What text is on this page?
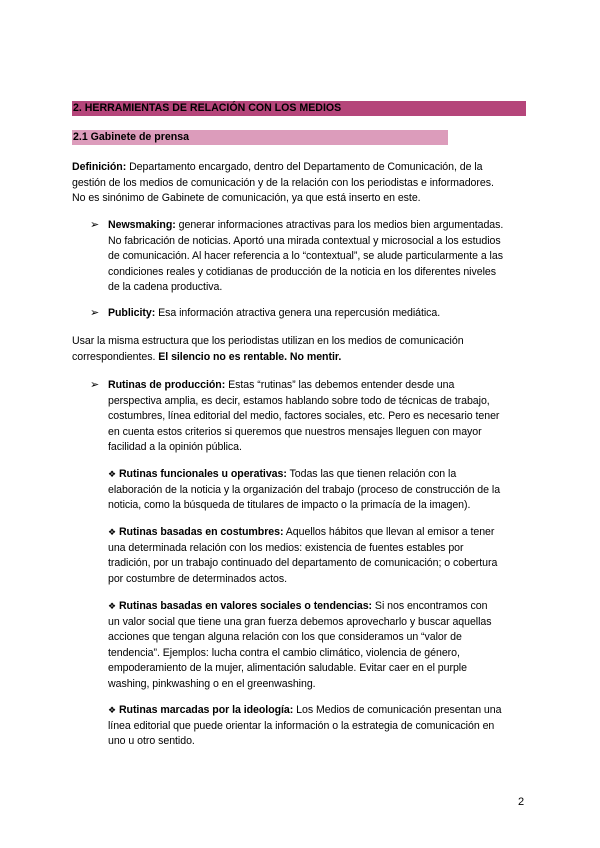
2. HERRAMIENTAS DE RELACIÓN CON LOS MEDIOS
2.1 Gabinete de prensa
Definición: Departamento encargado, dentro del Departamento de Comunicación, de la
gestión de los medios de comunicación y de la relación con los periodistas e informadores.
No es sinónimo de Gabinete de comunicación, ya que está inserto en este.
➢ Newsmaking: generar informaciones atractivas para los medios bien argumentadas.
No fabricación de noticias. Aportó una mirada contextual y microsocial a los estudios
de comunicación. Al hacer referencia a lo “contextual”, se alude particularmente a las
condiciones reales y cotidianas de producción de la noticia en los diferentes niveles
de la cadena productiva.
➢ Publicity: Esa información atractiva genera una repercusión mediática.
Usar la misma estructura que los periodistas utilizan en los medios de comunicación
correspondientes. El silencio no es rentable. No mentir.
➢ Rutinas de producción: Estas “rutinas” las debemos entender desde una
perspectiva amplia, es decir, estamos hablando sobre todo de técnicas de trabajo,
costumbres, línea editorial del medio, factores sociales, etc. Pero es necesario tener
en cuenta estos criterios si queremos que nuestros mensajes lleguen con mayor
facilidad a la opinión pública.
❖ Rutinas funcionales u operativas: Todas las que tienen relación con la
elaboración de la noticia y la organización del trabajo (proceso de construcción de la
noticia, como la búsqueda de titulares de impacto o la primacía de la imagen).
❖ Rutinas basadas en costumbres: Aquellos hábitos que llevan al emisor a tener
una determinada relación con los medios: existencia de fuentes estables por
tradición, por un trabajo continuado del departamento de comunicación; o cobertura
por costumbre de determinados actos.
❖ Rutinas basadas en valores sociales o tendencias: Si nos encontramos con
un valor social que tiene una gran fuerza debemos aprovecharlo y buscar aquellas
acciones que tengan alguna relación con los que consideramos un “valor de
tendencia”. Ejemplos: lucha contra el cambio climático, violencia de género,
empoderamiento de la mujer, alimentación saludable. Evitar caer en el purple
washing, pinkwashing o en el greenwashing.
❖ Rutinas marcadas por la ideología: Los Medios de comunicación presentan una
línea editorial que puede orientar la información o la estrategia de comunicación en
uno u otro sentido.
2
